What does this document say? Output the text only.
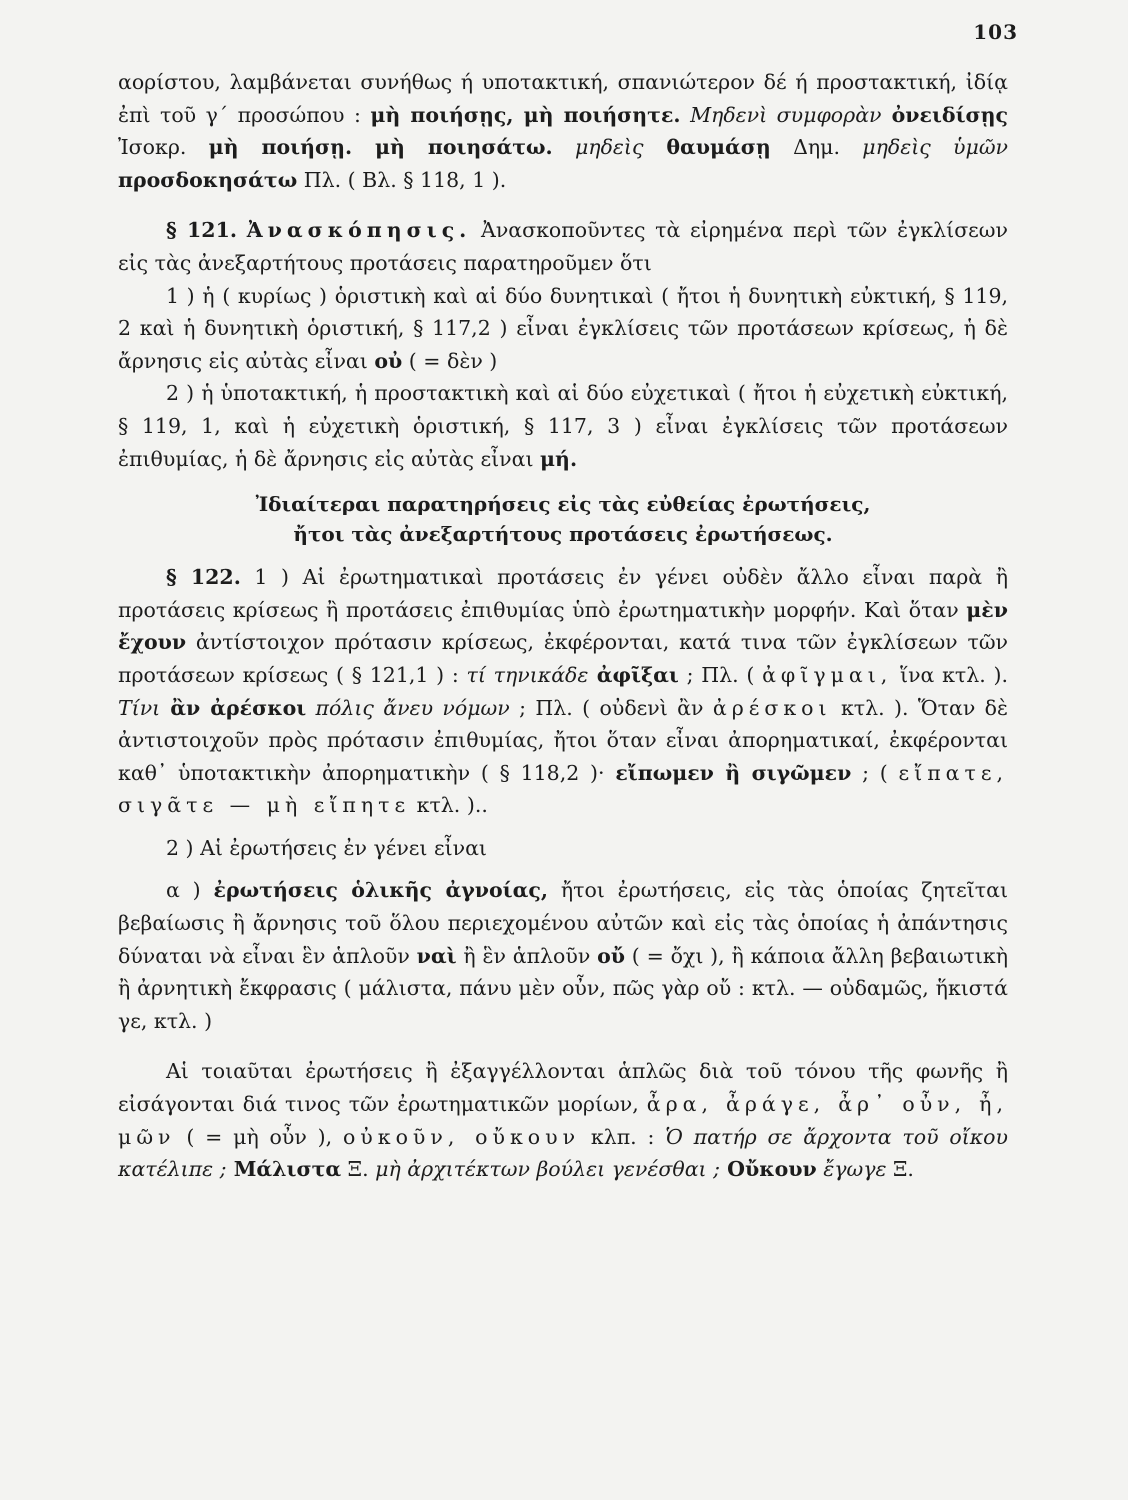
103

αορίστου, λαμβάνεται συνήθως ή υποτακτική, σπανιώτερον δέ ή προστακτική, ἰδίᾳ ἐπὶ τοῦ γ΄ προσώπου : μὴ ποιήσῃς, μὴ ποιήσητε. Μηδενὶ συμφορὰν ὀνειδίσῃς Ἰσοκρ. μὴ ποιήσῃ. μὴ ποιησάτω. μηδεὶς θαυμάσῃ Δημ. μηδεὶς ὑμῶν προσδοκησάτω Πλ. ( Βλ. § 118, 1 ).

§ 121. Ἀνασκόπησις. Ἀνασκοποῦντες τὰ εἰρημένα περὶ τῶν ἐγκλίσεων εἰς τὰς ἀνεξαρτήτους προτάσεις παρατηροῦμεν ὅτι

1 ) ἡ ( κυρίως ) ὁριστικὴ καὶ αἱ δύο δυνητικαὶ ( ἤτοι ἡ δυνητικὴ εὐκτική, § 119, 2 καὶ ἡ δυνητικὴ ὁριστική, § 117,2 ) εἶναι ἐγκλίσεις τῶν προτάσεων κρίσεως, ἡ δὲ ἄρνησις εἰς αὐτὰς εἶναι οὐ ( = δὲν )

2 ) ἡ ὑποτακτική, ἡ προστακτικὴ καὶ αἱ δύο εὐχετικαὶ ( ἤτοι ἡ εὐχετικὴ εὐκτική, § 119, 1, καὶ ἡ εὐχετικὴ ὁριστική, § 117, 3 ) εἶναι ἐγκλίσεις τῶν προτάσεων ἐπιθυμίας, ἡ δὲ ἄρνησις εἰς αὐτὰς εἶναι μή.

Ἰδιαίτεραι παρατηρήσεις εἰς τὰς εὐθείας ἐρωτήσεις,
ἤτοι τὰς ἀνεξαρτήτους προτάσεις ἐρωτήσεως.

§ 122. 1 ) Αἱ ἐρωτηματικαὶ προτάσεις ἐν γένει οὐδὲν ἄλλο εἶναι παρὰ ἢ προτάσεις κρίσεως ἢ προτάσεις ἐπιθυμίας ὑπὸ ἐρωτηματικὴν μορφήν. Καὶ ὅταν μὲν ἔχουν ἀντίστοιχον πρότασιν κρίσεως, ἐκφέρονται, κατά τινα τῶν ἐγκλίσεων τῶν προτάσεων κρίσεως ( § 121,1 ) : τί τηνικάδε ἀφῖξαι ; Πλ. ( ἀφῖγμαι, ἵνα κτλ. ). Τίνι ἂν ἀρέσκοι πόλις ἄνευ νόμων ; Πλ. ( οὐδενὶ ἂν ἀρέσκοι κτλ. ). Ὅταν δὲ ἀντιστοιχοῦν πρὸς πρότασιν ἐπιθυμίας, ἤτοι ὅταν εἶναι ἀπορηματικαί, ἐκφέρονται καθ᾽ ὑποτακτικὴν ἀπορηματικὴν ( § 118,2 )· εἴπωμεν ἢ σιγῶμεν ; ( εἴπατε, σιγᾶτε — μὴ εἴπητε κτλ. )..

2 ) Αἱ ἐρωτήσεις ἐν γένει εἶναι

α ) ἐρωτήσεις ὁλικῆς ἀγνοίας, ἤτοι ἐρωτήσεις, εἰς τὰς ὁποίας ζητεῖται βεβαίωσις ἢ ἄρνησις τοῦ ὅλου περιεχομένου αὐτῶν καὶ εἰς τὰς ὁποίας ἡ ἀπάντησις δύναται νὰ εἶναι ἓν ἁπλοῦν ναὶ ἢ ἓν ἁπλοῦν οὔ ( = ὄχι ), ἢ κάποια ἄλλη βεβαιωτικὴ ἢ ἀρνητικὴ ἔκφρασις ( μάλιστα, πάνυ μὲν οὖν, πῶς γὰρ οὔ : κτλ. — οὐδαμῶς, ἥκιστά γε, κτλ. )

Αἱ τοιαῦται ἐρωτήσεις ἢ ἐξαγγέλλονται ἁπλῶς διὰ τοῦ τόνου τῆς φωνῆς ἢ εἰσάγονται διά τινος τῶν ἐρωτηματικῶν μορίων, ἆρα, ἆράγε, ἆρ᾽ οὖν, ἦ, μῶν ( = μὴ οὖν ), οὐκοῦν, οὔκουν κλπ. : Ὁ πατήρ σε ἄρχοντα τοῦ οἴκου κατέλιπε ; Μάλιστα Ξ. μὴ ἀρχιτέκτων βούλει γενέσθαι ; Οὔκουν ἔγωγε Ξ.
